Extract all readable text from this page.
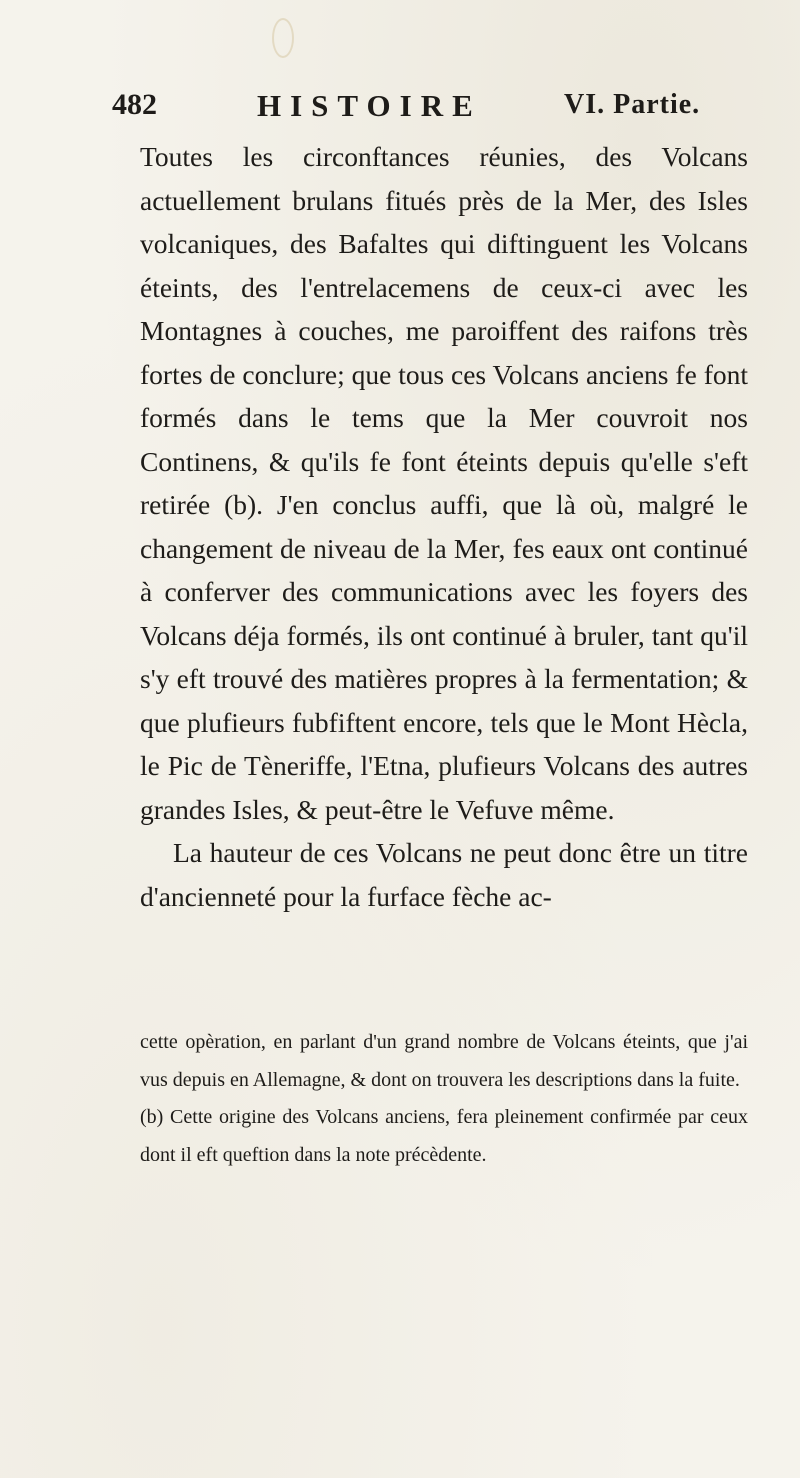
482	HISTOIRE	VI. Partie.

Toutes les circonftances réunies, des Volcans actuellement brulans fitués près de la Mer, des Isles volcaniques, des Bafaltes qui diftinguent les Volcans éteints, des l'entrelacemens de ceux-ci avec les Montagnes à couches, me paroiffent des raifons très fortes de conclure; que tous ces Volcans anciens fe font formés dans le tems que la Mer couvroit nos Continens, & qu'ils fe font éteints depuis qu'elle s'eft retirée (b). J'en conclus auffi, que là où, malgré le changement de niveau de la Mer, fes eaux ont continué à conferver des communications avec les foyers des Volcans déja formés, ils ont continué à bruler, tant qu'il s'y eft trouvé des matières propres à la fermentation; & que plufieurs fubfiftent encore, tels que le Mont Hècla, le Pic de Tèneriffe, l'Etna, plufieurs Volcans des autres grandes Isles, & peut-être le Vefuve même.

La hauteur de ces Volcans ne peut donc être un titre d'ancienneté pour la furface fèche ac-

cette opèration, en parlant d'un grand nombre de Volcans éteints, que j'ai vus depuis en Allemagne, & dont on trouvera les descriptions dans la fuite.

(b) Cette origine des Volcans anciens, fera pleinement confirmée par ceux dont il eft queftion dans la note précèdente.
